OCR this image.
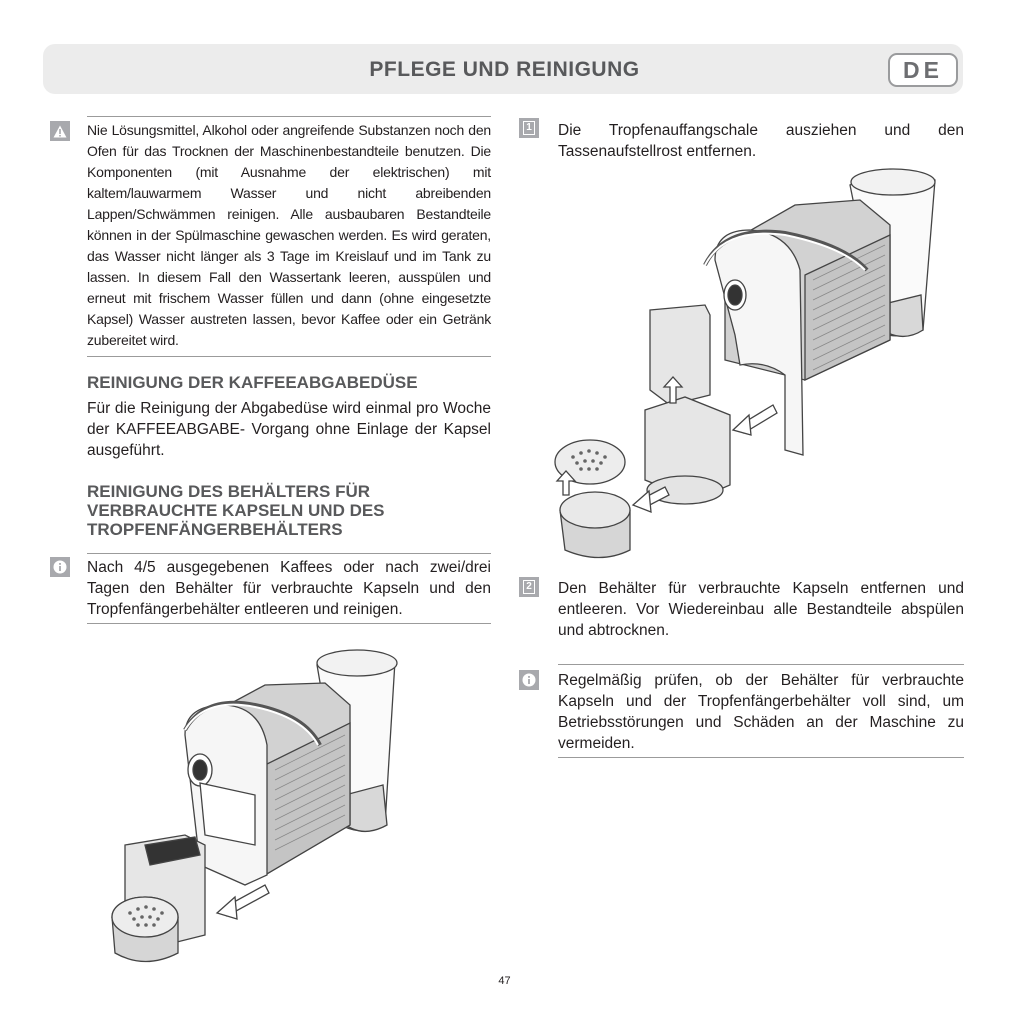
PFLEGE UND REINIGUNG	DE
Nie Lösungsmittel, Alkohol oder angreifende Substanzen noch den Ofen für das Trocknen der Maschinenbestandteile benutzen. Die Komponenten (mit Ausnahme der elektrischen) mit kaltem/lauwarmem Wasser und nicht abreibenden Lappen/Schwämmen reinigen. Alle ausbaubaren Bestandteile können in der Spülmaschine gewaschen werden. Es wird geraten, das Wasser nicht länger als 3 Tage im Kreislauf und im Tank zu lassen. In diesem Fall den Wassertank leeren, ausspülen und erneut mit frischem Wasser füllen und dann (ohne eingesetzte Kapsel) Wasser austreten lassen, bevor Kaffee oder ein Getränk zubereitet wird.
REINIGUNG DER KAFFEEABGABEDÜSE
Für die Reinigung der Abgabedüse wird einmal pro Woche der KAFFEEABGABE- Vorgang ohne Einlage der Kapsel ausgeführt.
REINIGUNG DES BEHÄLTERS FÜR VERBRAUCHTE KAPSELN UND DES TROPFENFÄNGERBEHÄLTERS
Nach 4/5 ausgegebenen Kaffees oder nach zwei/drei Tagen den Behälter für verbrauchte Kapseln und den Tropfenfängerbehälter entleeren und reinigen.
1 Die Tropfenauffangschale ausziehen und den Tassenaufstellrost entfernen.
2 Den Behälter für verbrauchte Kapseln entfernen und entleeren. Vor Wiedereinbau alle Bestandteile abspülen und abtrocknen.
Regelmäßig prüfen, ob der Behälter für verbrauchte Kapseln und der Tropfenfängerbehälter voll sind, um Betriebsstörungen und Schäden an der Maschine zu vermeiden.
47
